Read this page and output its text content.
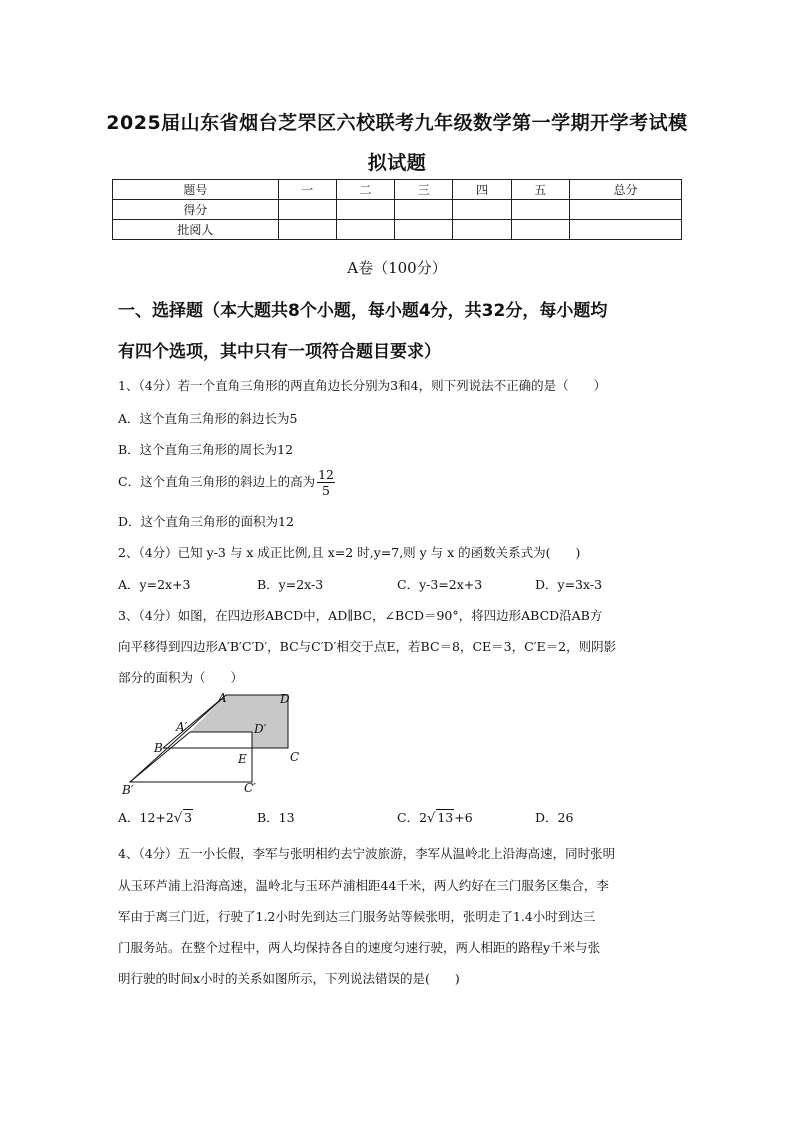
2025届山东省烟台芝罘区六校联考九年级数学第一学期开学考试模
拟试题
题号	一	二	三	四	五	总分
得分						
批阅人						
A卷（100分）
一、选择题（本大题共8个小题，每小题4分，共32分，每小题均
有四个选项，其中只有一项符合题目要求）
1、（4分）若一个直角三角形的两直角边长分别为3和4，则下列说法不正确的是（　　）
A．这个直角三角形的斜边长为5
B．这个直角三角形的周长为12
C．这个直角三角形的斜边上的高为 $\frac{12}{5}$
D．这个直角三角形的面积为12
2、（4分）已知 y-3 与 x 成正比例,且 x=2 时,y=7,则 y 与 x 的函数关系式为(　　)
A．y=2x+3	B．y=2x-3	C．y-3=2x+3	D．y=3x-3
3、（4分）如图，在四边形ABCD中，AD∥BC，∠BCD＝90°，将四边形ABCD沿AB方
向平移得到四边形A′B′C′D′，BC与C′D′相交于点E，若BC＝8，CE＝3，C′E＝2，则阴影
部分的面积为（　　）
A	D
A′	D′
B
E	C
B′	C′
A．12+2√ 3	B．13	C．2√ 13+6	D．26
4、（4分）五一小长假，李军与张明相约去宁波旅游，李军从温岭北上沿海高速，同时张明
从玉环芦浦上沿海高速，温岭北与玉环芦浦相距44千米，两人约好在三门服务区集合，李
军由于离三门近，行驶了1.2小时先到达三门服务站等候张明，张明走了1.4小时到达三
门服务站。在整个过程中，两人均保持各自的速度匀速行驶，两人相距的路程y千米与张
明行驶的时间x小时的关系如图所示，下列说法错误的是(　　)
